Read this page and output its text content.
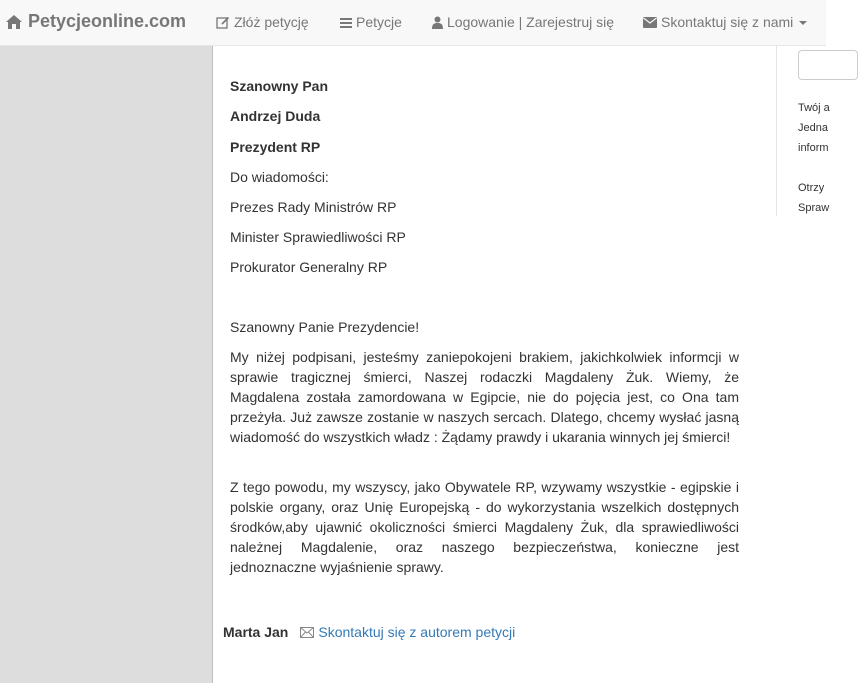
Petycjeonline.com	Złóż petycję	Petycje	Logowanie | Zarejestruj się	Skontaktuj się z nami
Szanowny Pan
Andrzej Duda
Prezydent RP
Do wiadomości:
Prezes Rady Ministrów RP
Minister Sprawiedliwości RP
Prokurator Generalny RP
Szanowny Panie Prezydencie!
My niżej podpisani, jesteśmy zaniepokojeni brakiem, jakichkolwiek informcji w sprawie tragicznej śmierci, Naszej rodaczki Magdaleny Żuk. Wiemy, że Magdalena została zamordowana w Egipcie, nie do pojęcia jest, co Ona tam przeżyła. Już zawsze zostanie w naszych sercach. Dlatego, chcemy wysłać jasną wiadomość do wszystkich władz : Żądamy prawdy i ukarania winnych jej śmierci!
Z tego powodu, my wszyscy, jako Obywatele RP, wzywamy wszystkie - egipskie i polskie organy, oraz Unię Europejską - do wykorzystania wszelkich dostępnych środków,aby ujawnić okoliczności śmierci Magdaleny Żuk, dla sprawiedliwości należnej Magdalenie, oraz naszego bezpieczeństwa, konieczne jest jednoznaczne wyjaśnienie sprawy.
Marta Jan Skontaktuj się z autorem petycji
Twój a
Jedna
inform
Otrzy
Spraw
